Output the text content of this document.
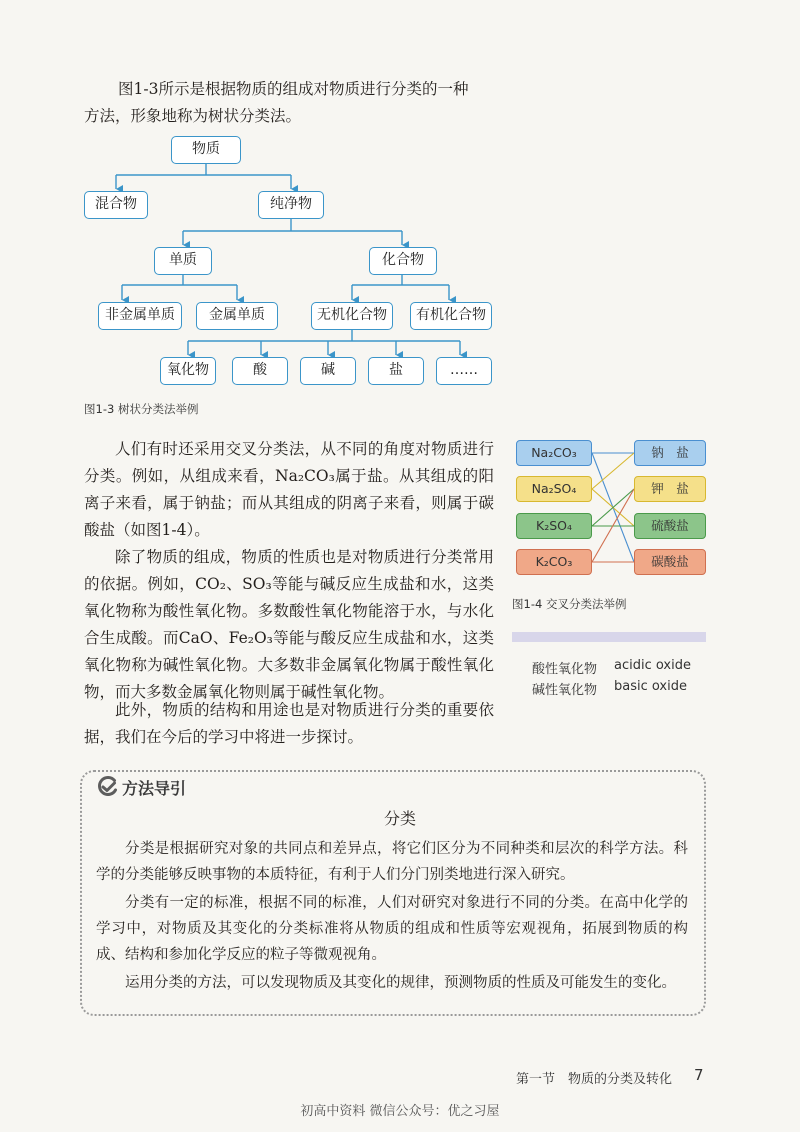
图1-3所示是根据物质的组成对物质进行分类的一种

方法，形象地称为树状分类法。

物质
混合物	纯净物
单质	化合物
非金属单质	金属单质	无机化合物	有机化合物
氧化物	酸	碱	盐	……
图1-3 树状分类法举例

人们有时还采用交叉分类法，从不同的角度对物质进行分类。例如，从组成来看，Na₂CO₃属于盐。从其组成的阳离子来看，属于钠盐；而从其组成的阴离子来看，则属于碳酸盐（如图1-4）。

除了物质的组成，物质的性质也是对物质进行分类常用的依据。例如，CO₂、SO₃等能与碱反应生成盐和水，这类氧化物称为酸性氧化物。多数酸性氧化物能溶于水，与水化合生成酸。而CaO、Fe₂O₃等能与酸反应生成盐和水，这类氧化物称为碱性氧化物。大多数非金属氧化物属于酸性氧化物，而大多数金属氧化物则属于碱性氧化物。

此外，物质的结构和用途也是对物质进行分类的重要依据，我们在今后的学习中将进一步探讨。

Na₂CO₃
Na₂SO₄
K₂SO₄
K₂CO₃
钠　盐
钾　盐
硫酸盐
碳酸盐
图1-4 交叉分类法举例
酸性氧化物 acidic oxide
碱性氧化物 basic oxide
方法导引
分类

分类是根据研究对象的共同点和差异点，将它们区分为不同种类和层次的科学方法。科学的分类能够反映事物的本质特征，有利于人们分门别类地进行深入研究。

分类有一定的标准，根据不同的标准，人们对研究对象进行不同的分类。在高中化学的学习中，对物质及其变化的分类标准将从物质的组成和性质等宏观视角，拓展到物质的构成、结构和参加化学反应的粒子等微观视角。

运用分类的方法，可以发现物质及其变化的规律，预测物质的性质及可能发生的变化。

第一节　物质的分类及转化 7
初高中资料 微信公众号：优之习屋
